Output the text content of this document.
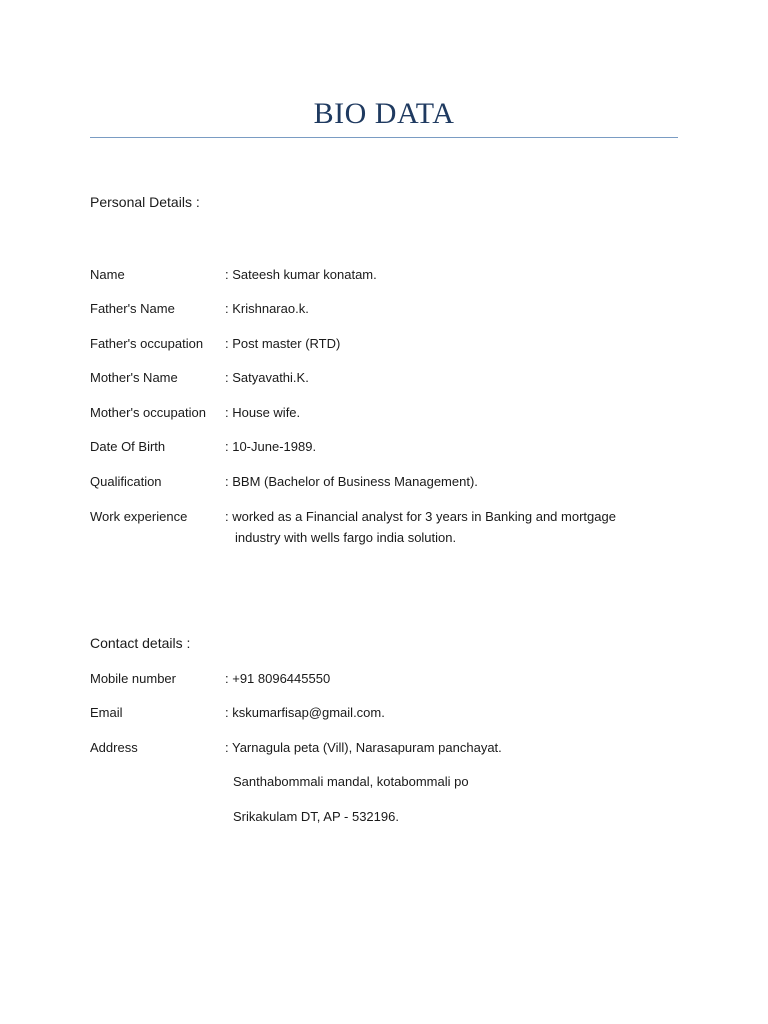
BIO DATA
Personal Details :
Name	: Sateesh kumar konatam.
Father's Name	: Krishnarao.k.
Father's occupation : Post master (RTD)
Mother's Name	: Satyavathi.K.
Mother's occupation : House wife.
Date Of Birth	: 10-June-1989.
Qualification	: BBM (Bachelor of Business Management).
Work experience	: worked as a Financial analyst for 3 years in Banking and mortgage
industry with wells fargo india solution.
Contact details :
Mobile number	: +91 8096445550
Email	: kskumarfisap@gmail.com.
Address	: Yarnagula peta (Vill), Narasapuram panchayat.
Santhabommali mandal, kotabommali po
Srikakulam DT, AP - 532196.
